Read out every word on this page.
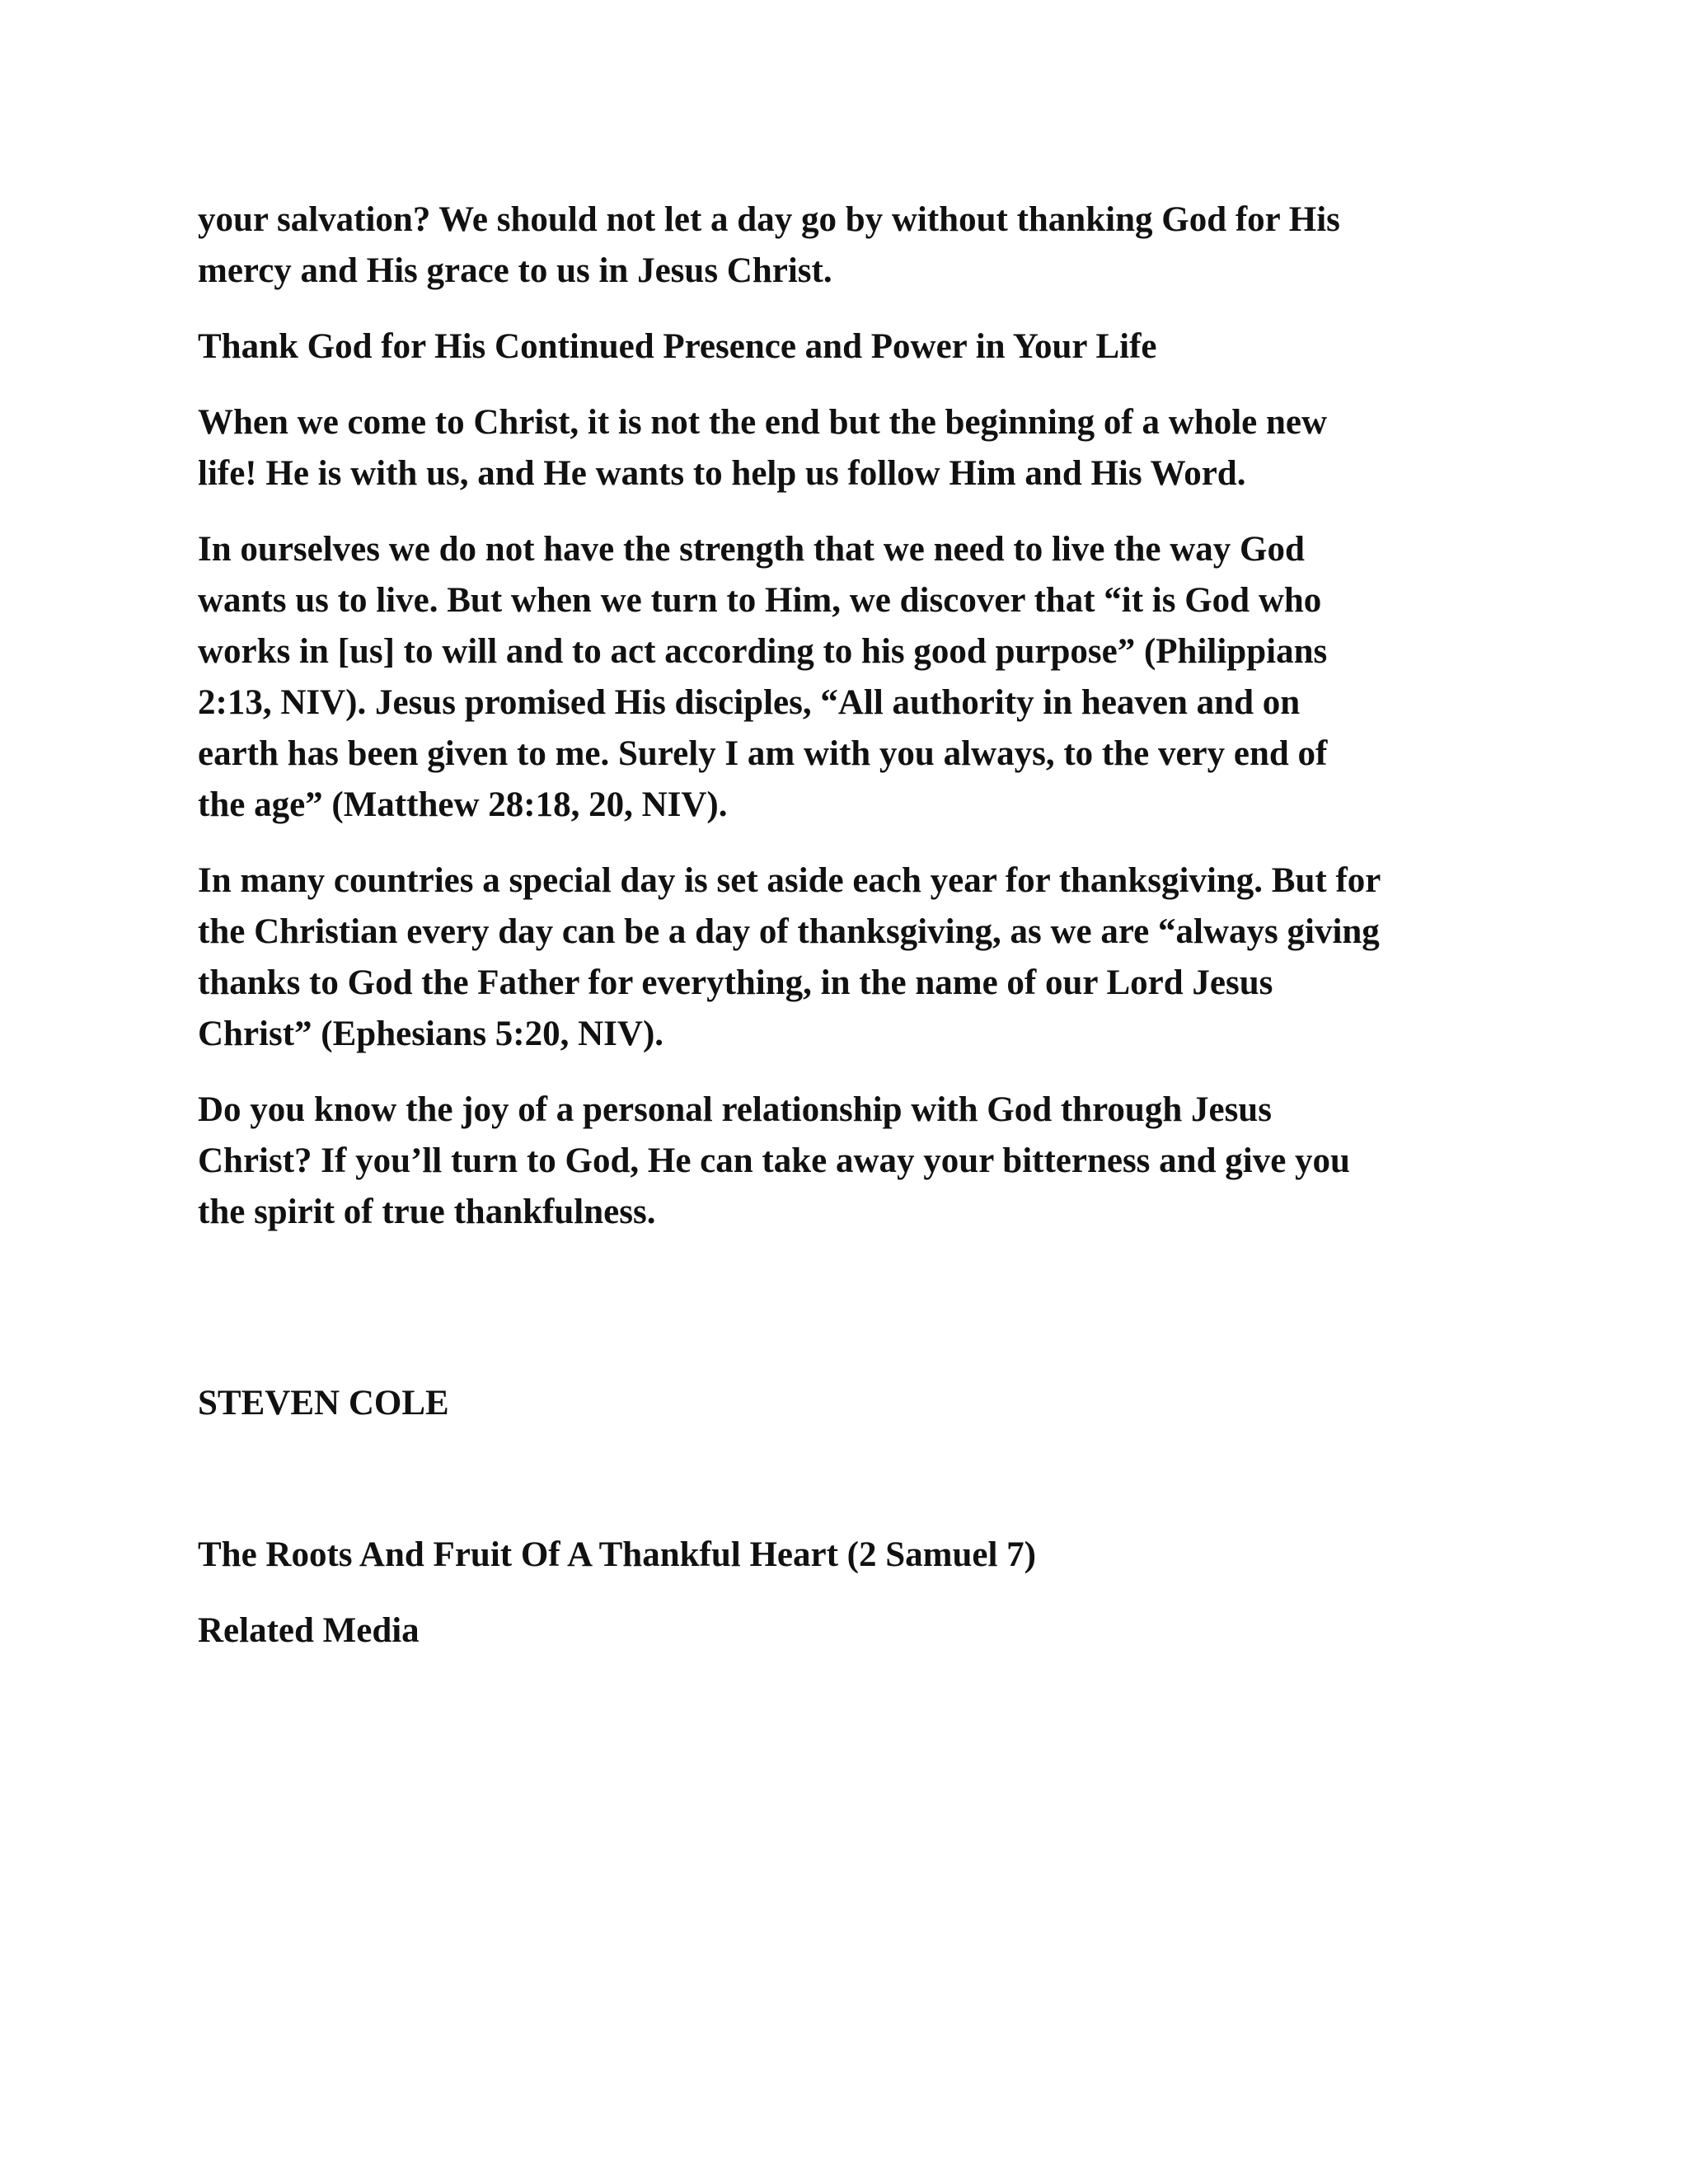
your salvation? We should not let a day go by without thanking God for His
mercy and His grace to us in Jesus Christ.

Thank God for His Continued Presence and Power in Your Life

When we come to Christ, it is not the end but the beginning of a whole new
life! He is with us, and He wants to help us follow Him and His Word.

In ourselves we do not have the strength that we need to live the way God
wants us to live. But when we turn to Him, we discover that “it is God who
works in [us] to will and to act according to his good purpose” (Philippians
2:13, NIV). Jesus promised His disciples, “All authority in heaven and on
earth has been given to me. Surely I am with you always, to the very end of
the age” (Matthew 28:18, 20, NIV).

In many countries a special day is set aside each year for thanksgiving. But for
the Christian every day can be a day of thanksgiving, as we are “always giving
thanks to God the Father for everything, in the name of our Lord Jesus
Christ” (Ephesians 5:20, NIV).

Do you know the joy of a personal relationship with God through Jesus
Christ? If you’ll turn to God, He can take away your bitterness and give you
the spirit of true thankfulness.

STEVEN COLE

The Roots And Fruit Of A Thankful Heart (2 Samuel 7)

Related Media
